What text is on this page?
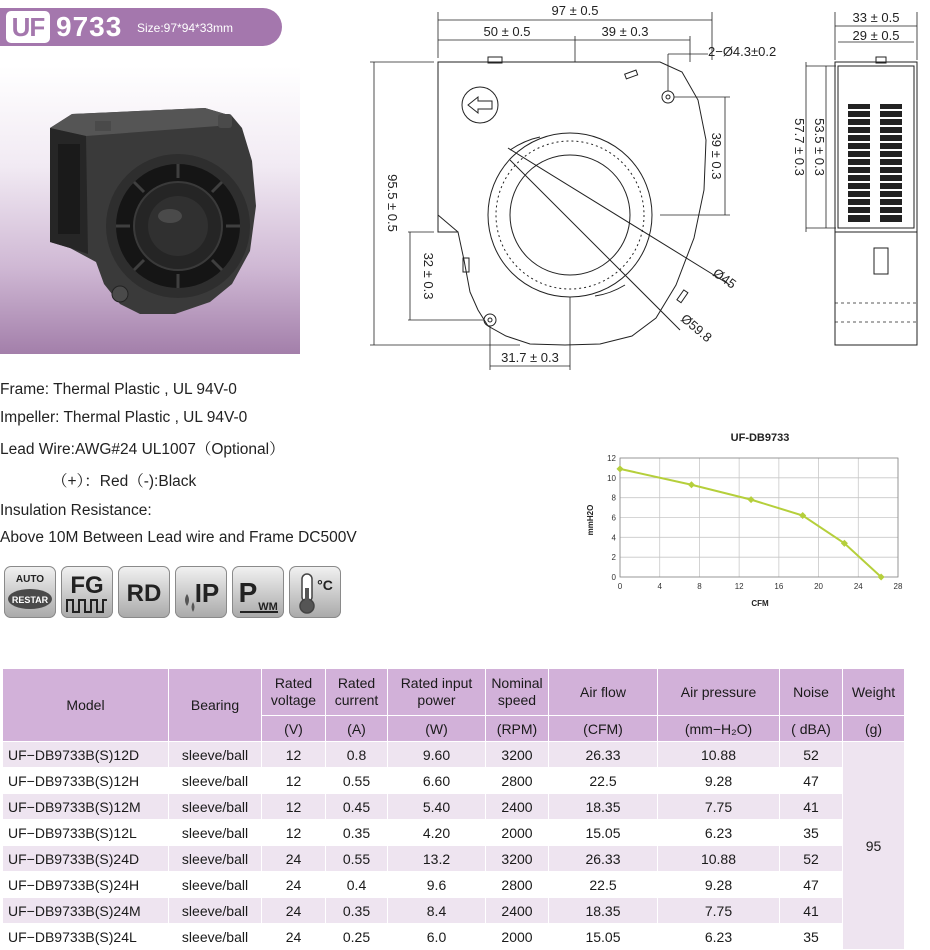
UF 9733 Size:97*94*33mm
Frame: Thermal Plastic , UL 94V-0
Impeller: Thermal Plastic , UL 94V-0
Lead Wire:AWG#24 UL1007（Optional）
（+）：Red（-):Black
Insulation Resistance:
Above 10M Between Lead wire and Frame DC500V
AUTO
RESTAR
FG RD IP P WM
°C
97 ± 0.5
50 ± 0.5	39 ± 0.3
2−Ø4.3±0.2
95.5 ± 0.5
32 ± 0.3
39 ± 0.3
31.7 ± 0.3
Ø45
Ø59.8
33 ± 0.5
29 ± 0.5
53.5 ± 0.3
57.7 ± 0.3
UF-DB9733
0	4	8	12	16	20	24	28
0
2
4
6
8
10
12
CFM
mmH2O
Model	Bearing	Rated voltage	Rated current	Rated input power	Nominal speed	Air flow	Air pressure	Noise	Weight
		(V)	(A)	(W)	(RPM)	(CFM)	(mm−H₂O)	( dBA)	(g)
UF−DB9733B(S)12D	sleeve/ball	12	0.8	9.60	3200	26.33	10.88	52	95
UF−DB9733B(S)12H	sleeve/ball	12	0.55	6.60	2800	22.5	9.28	47	
UF−DB9733B(S)12M	sleeve/ball	12	0.45	5.40	2400	18.35	7.75	41	
UF−DB9733B(S)12L	sleeve/ball	12	0.35	4.20	2000	15.05	6.23	35	
UF−DB9733B(S)24D	sleeve/ball	24	0.55	13.2	3200	26.33	10.88	52	
UF−DB9733B(S)24H	sleeve/ball	24	0.4	9.6	2800	22.5	9.28	47	
UF−DB9733B(S)24M	sleeve/ball	24	0.35	8.4	2400	18.35	7.75	41	
UF−DB9733B(S)24L	sleeve/ball	24	0.25	6.0	2000	15.05	6.23	35	
